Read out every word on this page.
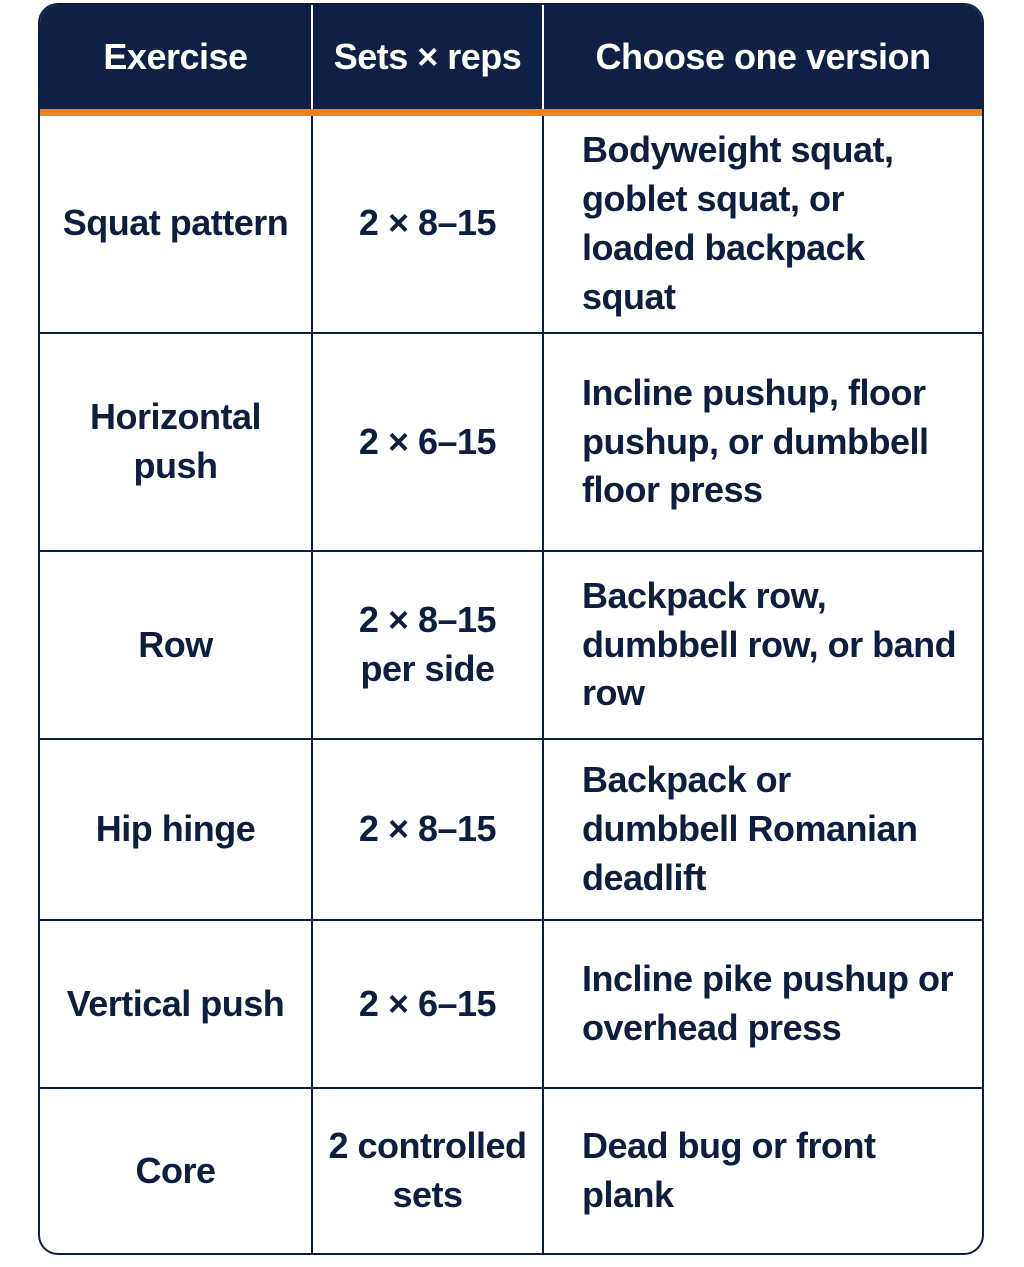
Exercise	Sets × reps	Choose one version
Squat pattern	2 × 8–15	Bodyweight squat, goblet squat, or loaded backpack squat
Horizontal push	2 × 6–15	Incline pushup, floor pushup, or dumbbell floor press
Row	2 × 8–15 per side	Backpack row, dumbbell row, or band row
Hip hinge	2 × 8–15	Backpack or dumbbell Romanian deadlift
Vertical push	2 × 6–15	Incline pike pushup or overhead press
Core	2 controlled sets	Dead bug or front plank
